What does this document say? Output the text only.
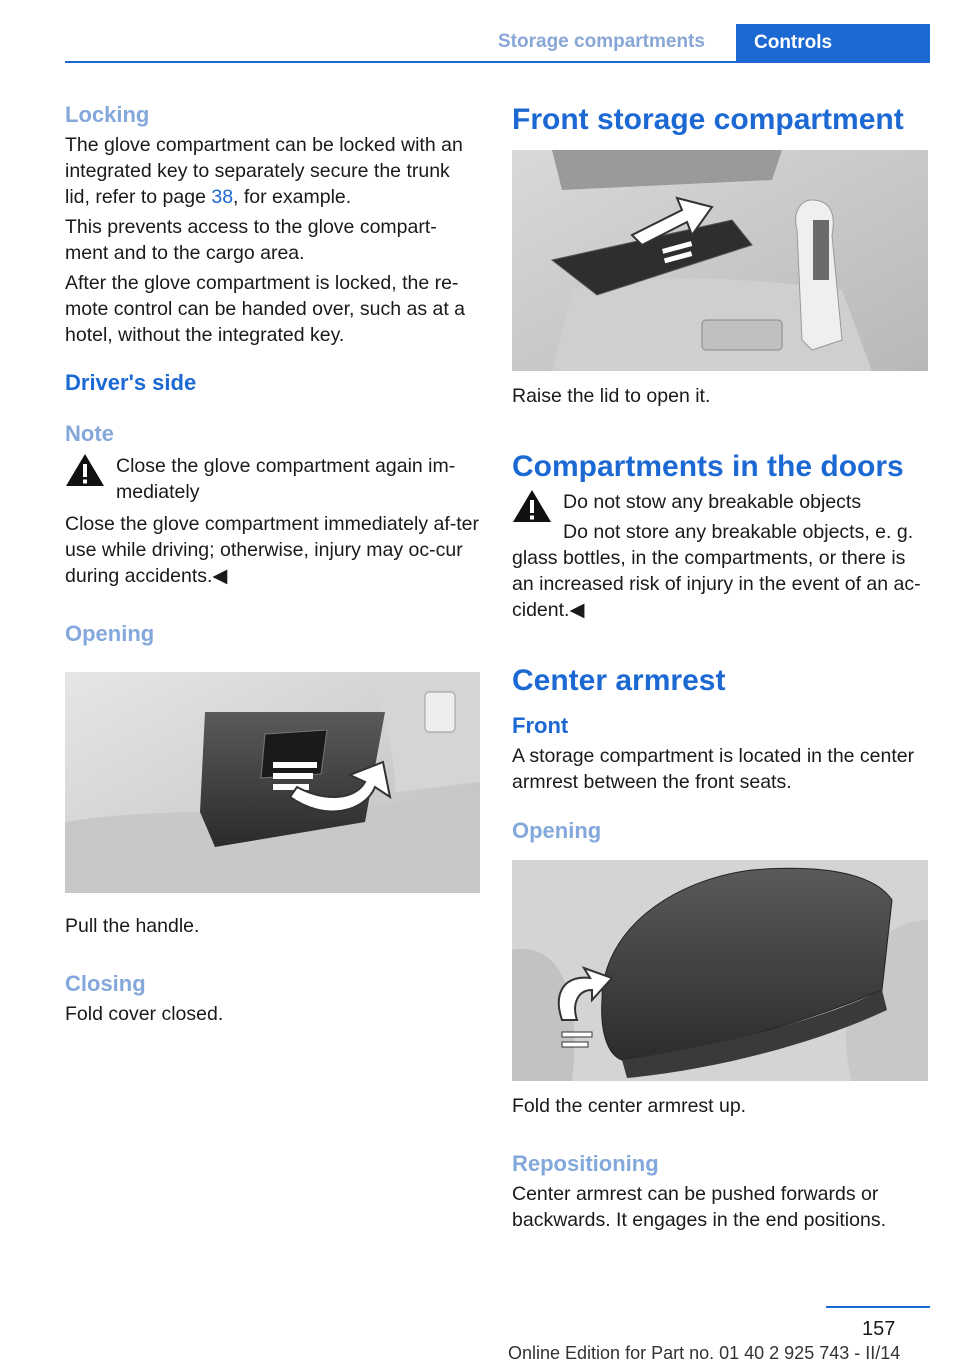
Storage compartments	Controls
Locking

The glove compartment can be locked with an integrated key to separately secure the trunk lid, refer to page 38, for example.

This prevents access to the glove compart‐ment and to the cargo area.

After the glove compartment is locked, the re‐mote control can be handed over, such as at a hotel, without the integrated key.

Driver's side
Note

Close the glove compartment again im‐mediately

Close the glove compartment immediately af‐ter use while driving; otherwise, injury may oc‐cur during accidents.◀

Opening

Pull the handle.

Closing

Fold cover closed.

Front storage compartment

Raise the lid to open it.

Compartments in the doors

Do not stow any breakable objects

Do not store any breakable objects, e. g. glass bottles, in the compartments, or there is an increased risk of injury in the event of an ac‐cident.◀

Center armrest
Front

A storage compartment is located in the center armrest between the front seats.

Opening

Fold the center armrest up.

Repositioning

Center armrest can be pushed forwards or backwards. It engages in the end positions.

157
Online Edition for Part no. 01 40 2 925 743 - II/14
